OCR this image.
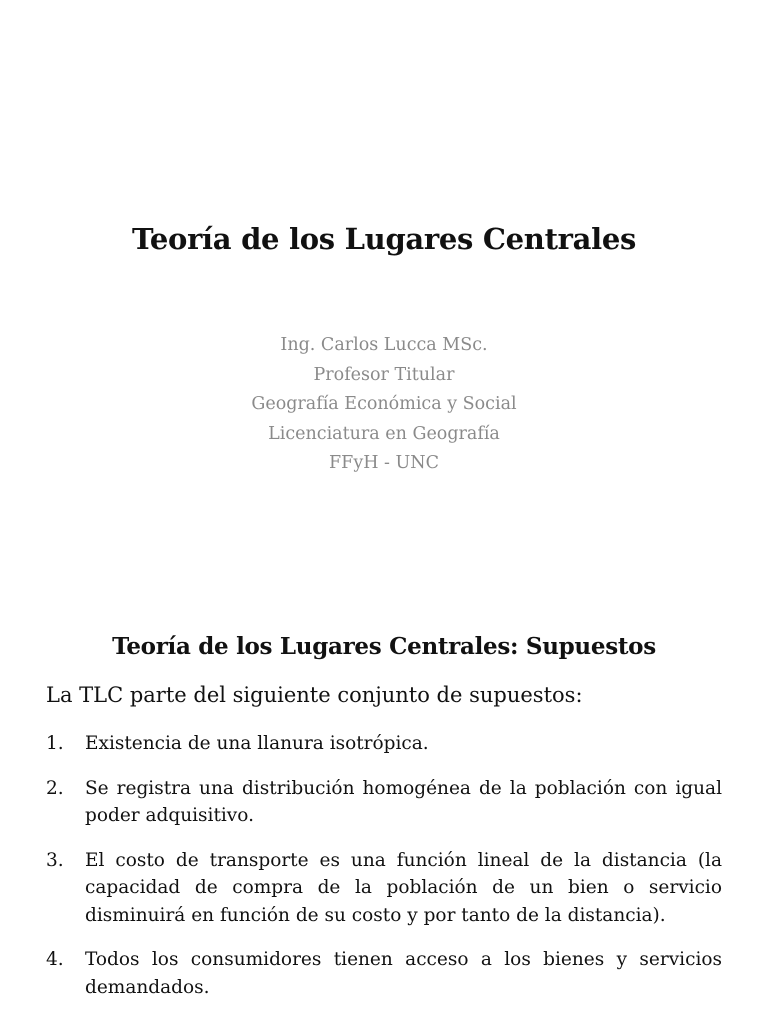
Teoría de los Lugares Centrales
Ing. Carlos Lucca MSc.
Profesor Titular
Geografía Económica y Social
Licenciatura en Geografía
FFyH - UNC
Teoría de los Lugares Centrales: Supuestos
La TLC parte del siguiente conjunto de supuestos:
1. Existencia de una llanura isotrópica.
2. Se registra una distribución homogénea de la población con igual poder adquisitivo.
3. El costo de transporte es una función lineal de la distancia (la capacidad de compra de la población de un bien o servicio disminuirá en función de su costo y por tanto de la distancia).
4. Todos los consumidores tienen acceso a los bienes y servicios demandados.
